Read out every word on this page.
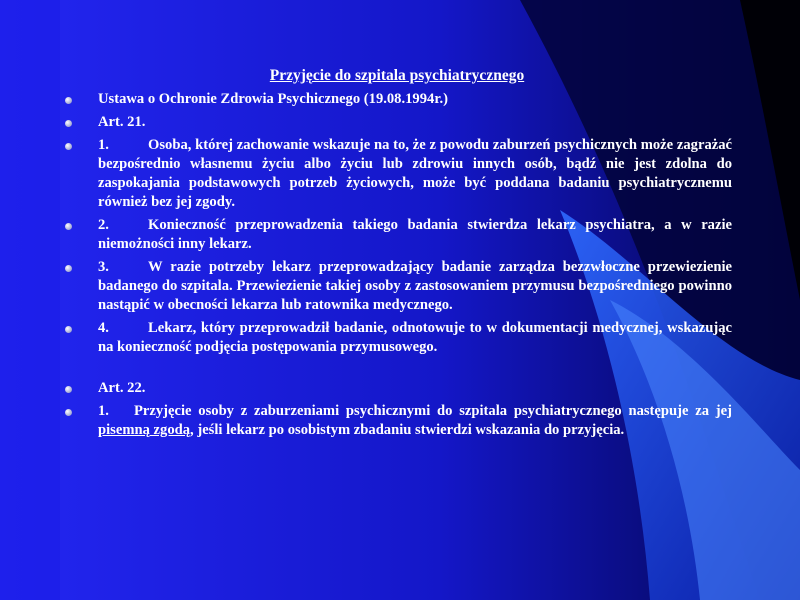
Przyjęcie do szpitala psychiatrycznego
Ustawa o Ochronie Zdrowia Psychicznego (19.08.1994r.)
Art. 21.
1.	Osoba, której zachowanie wskazuje na to, że z powodu zaburzeń psychicznych może zagrażać bezpośrednio własnemu życiu albo życiu lub zdrowiu innych osób, bądź nie jest zdolna do zaspokajania podstawowych potrzeb życiowych, może być poddana badaniu psychiatrycznemu również bez jej zgody.
2.	Konieczność przeprowadzenia takiego badania stwierdza lekarz psychiatra, a w razie niemożności inny lekarz.
3.	W razie potrzeby lekarz przeprowadzający badanie zarządza bezzwłoczne przewiezienie badanego do szpitala. Przewiezienie takiej osoby z zastosowaniem przymusu bezpośredniego powinno nastąpić w obecności lekarza lub ratownika medycznego.
4.	Lekarz, który przeprowadził badanie, odnotowuje to w dokumentacji medycznej, wskazując na konieczność podjęcia postępowania przymusowego.
Art. 22.
1. Przyjęcie osoby z zaburzeniami psychicznymi do szpitala psychiatrycznego następuje za jej pisemną zgodą, jeśli lekarz po osobistym zbadaniu stwierdzi wskazania do przyjęcia.
